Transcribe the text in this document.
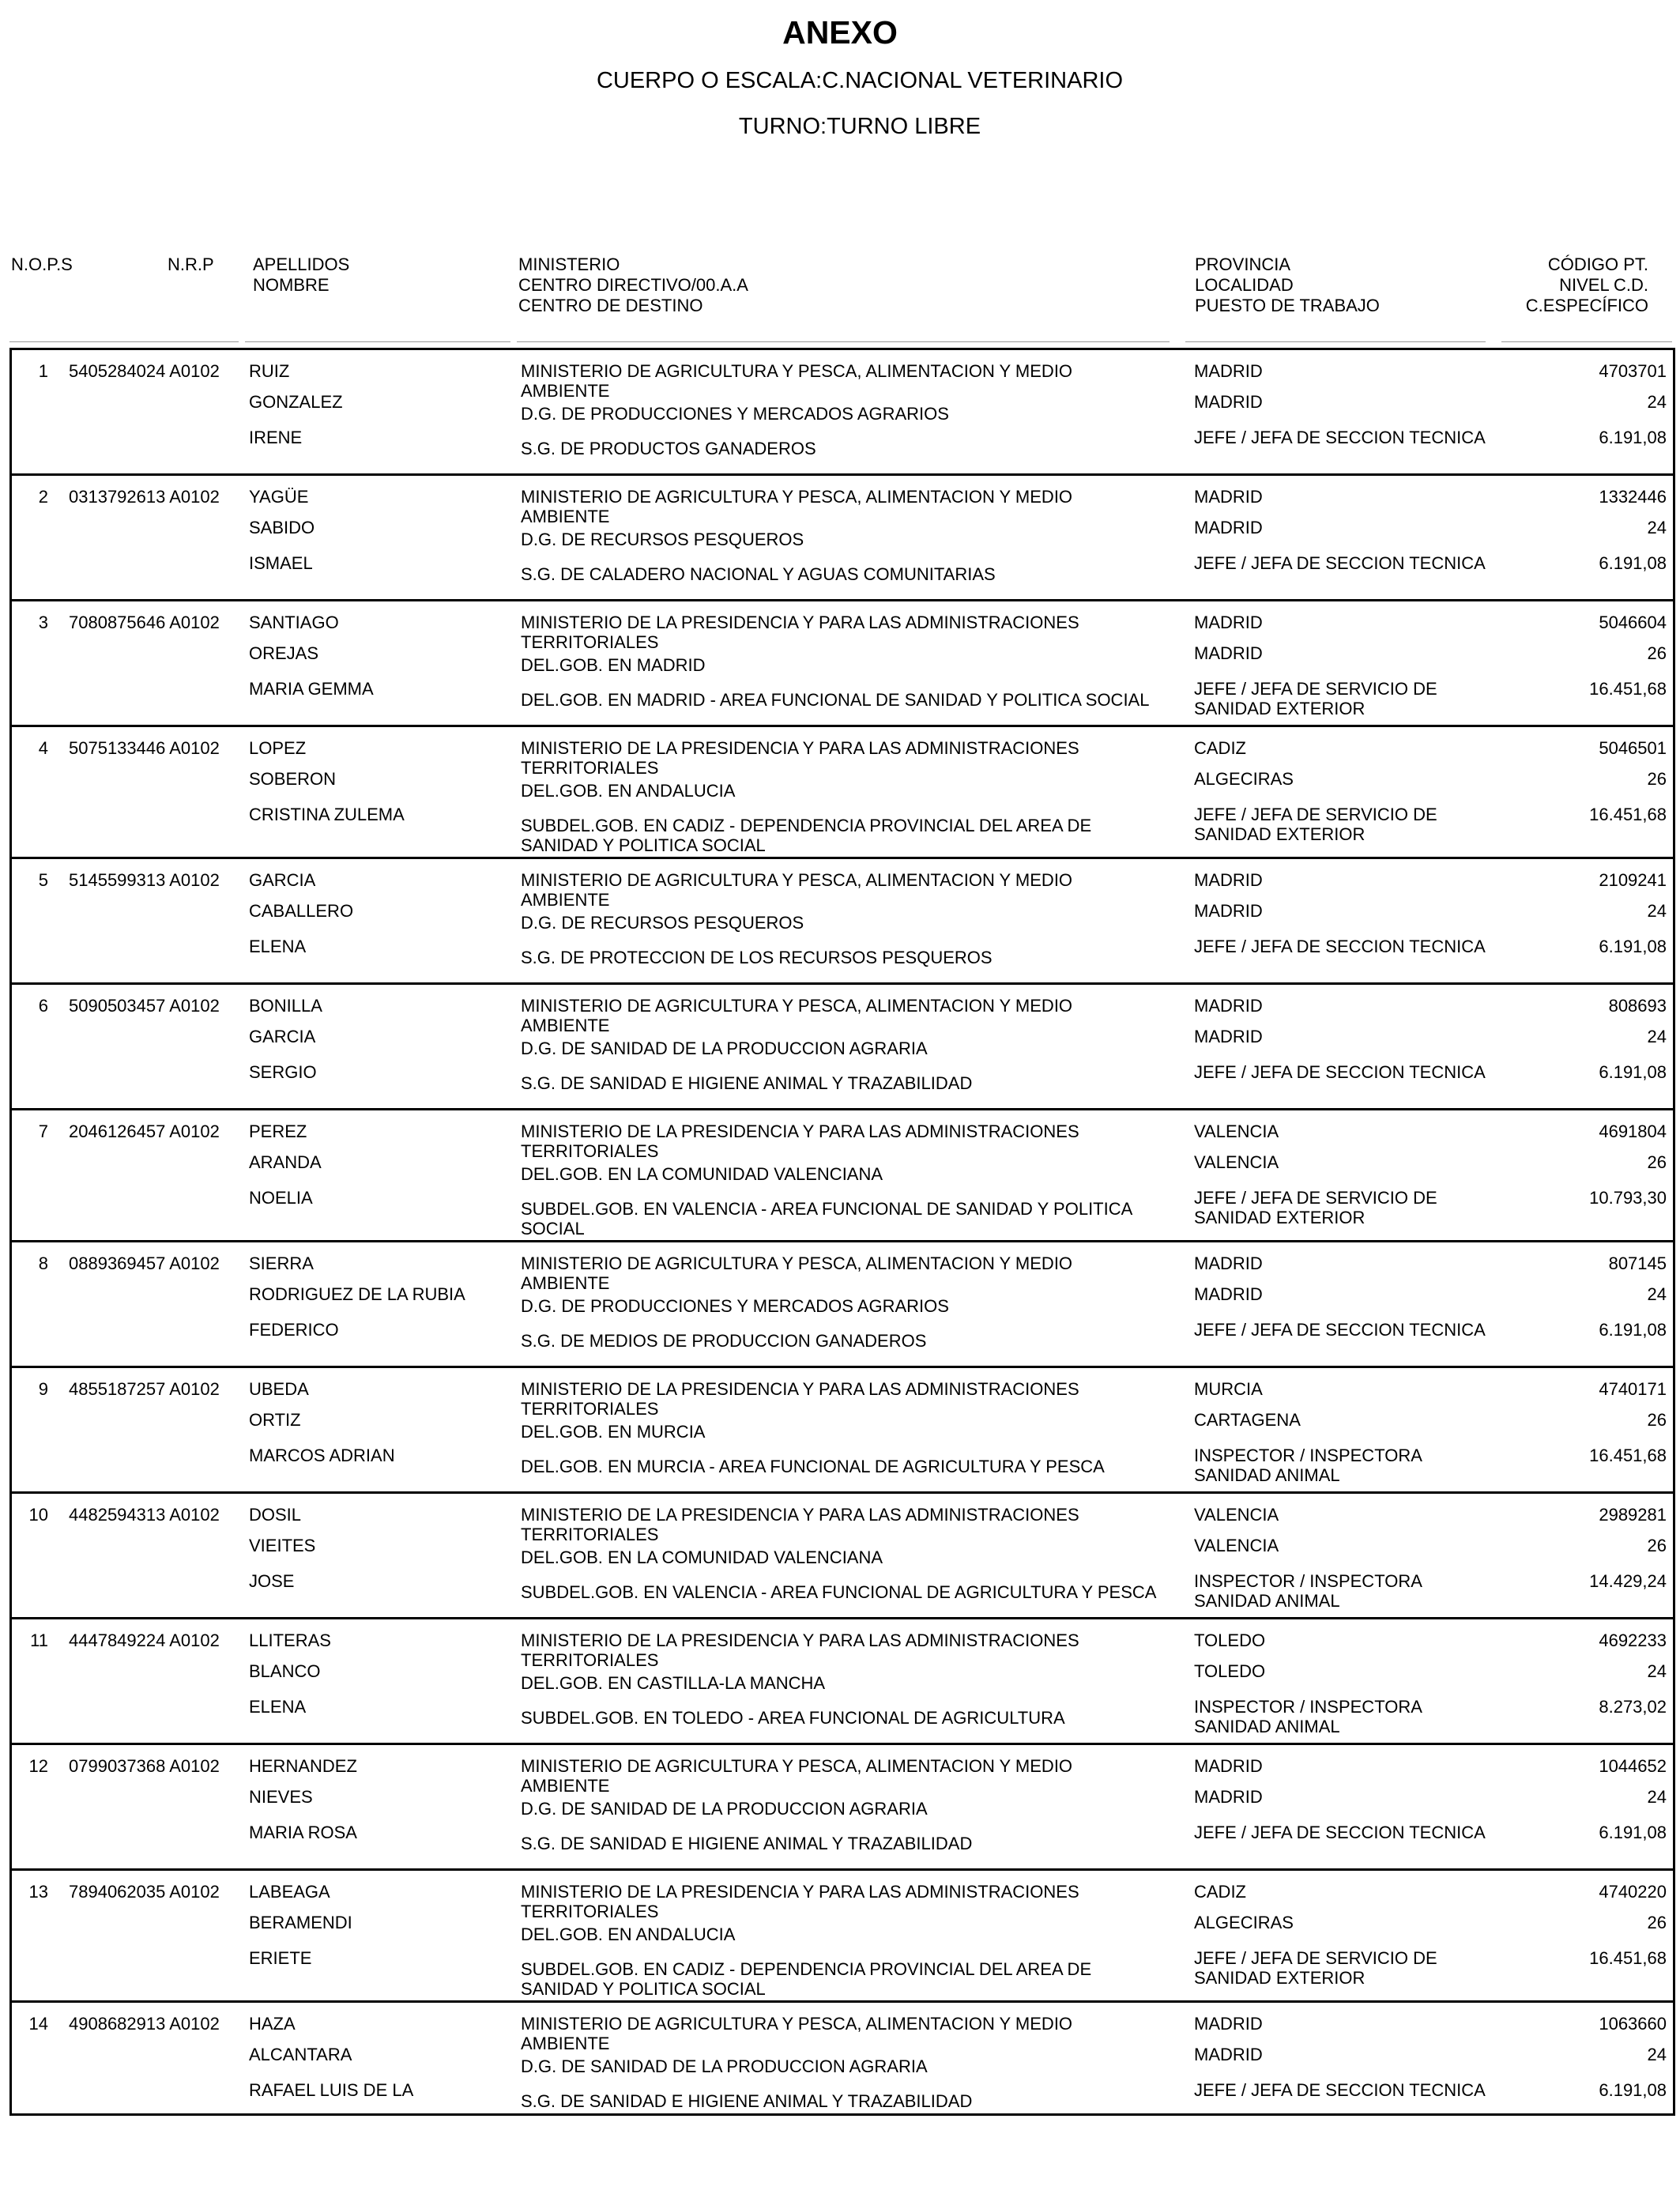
ANEXO
CUERPO O ESCALA:C.NACIONAL VETERINARIO
TURNO:TURNO LIBRE
N.O.P.S	N.R.P APELLIDOS
NOMBRE
MINISTERIO
CENTRO DIRECTIVO/00.A.A
CENTRO DE DESTINO
PROVINCIA
LOCALIDAD
PUESTO DE TRABAJO
CÓDIGO PT.
NIVEL C.D.
C.ESPECÍFICO
1 5405284024 A0102 RUIZ
GONZALEZ
IRENE
MINISTERIO DE AGRICULTURA Y PESCA, ALIMENTACION Y MEDIO
AMBIENTE
D.G. DE PRODUCCIONES Y MERCADOS AGRARIOS
S.G. DE PRODUCTOS GANADEROS
MADRID
MADRID
JEFE / JEFA DE SECCION TECNICA
4703701
24
6.191,08
2 0313792613 A0102 YAGÜE
SABIDO
ISMAEL
MINISTERIO DE AGRICULTURA Y PESCA, ALIMENTACION Y MEDIO
AMBIENTE
D.G. DE RECURSOS PESQUEROS
S.G. DE CALADERO NACIONAL Y AGUAS COMUNITARIAS
MADRID
MADRID
JEFE / JEFA DE SECCION TECNICA
1332446
24
6.191,08
3 7080875646 A0102 SANTIAGO
OREJAS
MARIA GEMMA
MINISTERIO DE LA PRESIDENCIA Y PARA LAS ADMINISTRACIONES
TERRITORIALES
DEL.GOB. EN MADRID
DEL.GOB. EN MADRID - AREA FUNCIONAL DE SANIDAD Y POLITICA SOCIAL
MADRID
MADRID
JEFE / JEFA DE SERVICIO DE
SANIDAD EXTERIOR
5046604
26
16.451,68
4 5075133446 A0102 LOPEZ
SOBERON
CRISTINA ZULEMA
MINISTERIO DE LA PRESIDENCIA Y PARA LAS ADMINISTRACIONES
TERRITORIALES
DEL.GOB. EN ANDALUCIA
SUBDEL.GOB. EN CADIZ - DEPENDENCIA PROVINCIAL DEL AREA DE
SANIDAD Y POLITICA SOCIAL
CADIZ
ALGECIRAS
JEFE / JEFA DE SERVICIO DE
SANIDAD EXTERIOR
5046501
26
16.451,68
5 5145599313 A0102 GARCIA
CABALLERO
ELENA
MINISTERIO DE AGRICULTURA Y PESCA, ALIMENTACION Y MEDIO
AMBIENTE
D.G. DE RECURSOS PESQUEROS
S.G. DE PROTECCION DE LOS RECURSOS PESQUEROS
MADRID
MADRID
JEFE / JEFA DE SECCION TECNICA
2109241
24
6.191,08
6 5090503457 A0102 BONILLA
GARCIA
SERGIO
MINISTERIO DE AGRICULTURA Y PESCA, ALIMENTACION Y MEDIO
AMBIENTE
D.G. DE SANIDAD DE LA PRODUCCION AGRARIA
S.G. DE SANIDAD E HIGIENE ANIMAL Y TRAZABILIDAD
MADRID
MADRID
JEFE / JEFA DE SECCION TECNICA
808693
24
6.191,08
7 2046126457 A0102 PEREZ
ARANDA
NOELIA
MINISTERIO DE LA PRESIDENCIA Y PARA LAS ADMINISTRACIONES
TERRITORIALES
DEL.GOB. EN LA COMUNIDAD VALENCIANA
SUBDEL.GOB. EN VALENCIA - AREA FUNCIONAL DE SANIDAD Y POLITICA
SOCIAL
VALENCIA
VALENCIA
JEFE / JEFA DE SERVICIO DE
SANIDAD EXTERIOR
4691804
26
10.793,30
8 0889369457 A0102 SIERRA
RODRIGUEZ DE LA RUBIA
FEDERICO
MINISTERIO DE AGRICULTURA Y PESCA, ALIMENTACION Y MEDIO
AMBIENTE
D.G. DE PRODUCCIONES Y MERCADOS AGRARIOS
S.G. DE MEDIOS DE PRODUCCION GANADEROS
MADRID
MADRID
JEFE / JEFA DE SECCION TECNICA
807145
24
6.191,08
9 4855187257 A0102 UBEDA
ORTIZ
MARCOS ADRIAN
MINISTERIO DE LA PRESIDENCIA Y PARA LAS ADMINISTRACIONES
TERRITORIALES
DEL.GOB. EN MURCIA
DEL.GOB. EN MURCIA - AREA FUNCIONAL DE AGRICULTURA Y PESCA
MURCIA
CARTAGENA
INSPECTOR / INSPECTORA
SANIDAD ANIMAL
4740171
26
16.451,68
10 4482594313 A0102 DOSIL
VIEITES
JOSE
MINISTERIO DE LA PRESIDENCIA Y PARA LAS ADMINISTRACIONES
TERRITORIALES
DEL.GOB. EN LA COMUNIDAD VALENCIANA
SUBDEL.GOB. EN VALENCIA - AREA FUNCIONAL DE AGRICULTURA Y PESCA
VALENCIA
VALENCIA
INSPECTOR / INSPECTORA
SANIDAD ANIMAL
2989281
26
14.429,24
11 4447849224 A0102 LLITERAS
BLANCO
ELENA
MINISTERIO DE LA PRESIDENCIA Y PARA LAS ADMINISTRACIONES
TERRITORIALES
DEL.GOB. EN CASTILLA-LA MANCHA
SUBDEL.GOB. EN TOLEDO - AREA FUNCIONAL DE AGRICULTURA
TOLEDO
TOLEDO
INSPECTOR / INSPECTORA
SANIDAD ANIMAL
4692233
24
8.273,02
12 0799037368 A0102 HERNANDEZ
NIEVES
MARIA ROSA
MINISTERIO DE AGRICULTURA Y PESCA, ALIMENTACION Y MEDIO
AMBIENTE
D.G. DE SANIDAD DE LA PRODUCCION AGRARIA
S.G. DE SANIDAD E HIGIENE ANIMAL Y TRAZABILIDAD
MADRID
MADRID
JEFE / JEFA DE SECCION TECNICA
1044652
24
6.191,08
13 7894062035 A0102 LABEAGA
BERAMENDI
ERIETE
MINISTERIO DE LA PRESIDENCIA Y PARA LAS ADMINISTRACIONES
TERRITORIALES
DEL.GOB. EN ANDALUCIA
SUBDEL.GOB. EN CADIZ - DEPENDENCIA PROVINCIAL DEL AREA DE
SANIDAD Y POLITICA SOCIAL
CADIZ
ALGECIRAS
JEFE / JEFA DE SERVICIO DE
SANIDAD EXTERIOR
4740220
26
16.451,68
14 4908682913 A0102 HAZA
ALCANTARA
RAFAEL LUIS DE LA
MINISTERIO DE AGRICULTURA Y PESCA, ALIMENTACION Y MEDIO
AMBIENTE
D.G. DE SANIDAD DE LA PRODUCCION AGRARIA
S.G. DE SANIDAD E HIGIENE ANIMAL Y TRAZABILIDAD
MADRID
MADRID
JEFE / JEFA DE SECCION TECNICA
1063660
24
6.191,08
